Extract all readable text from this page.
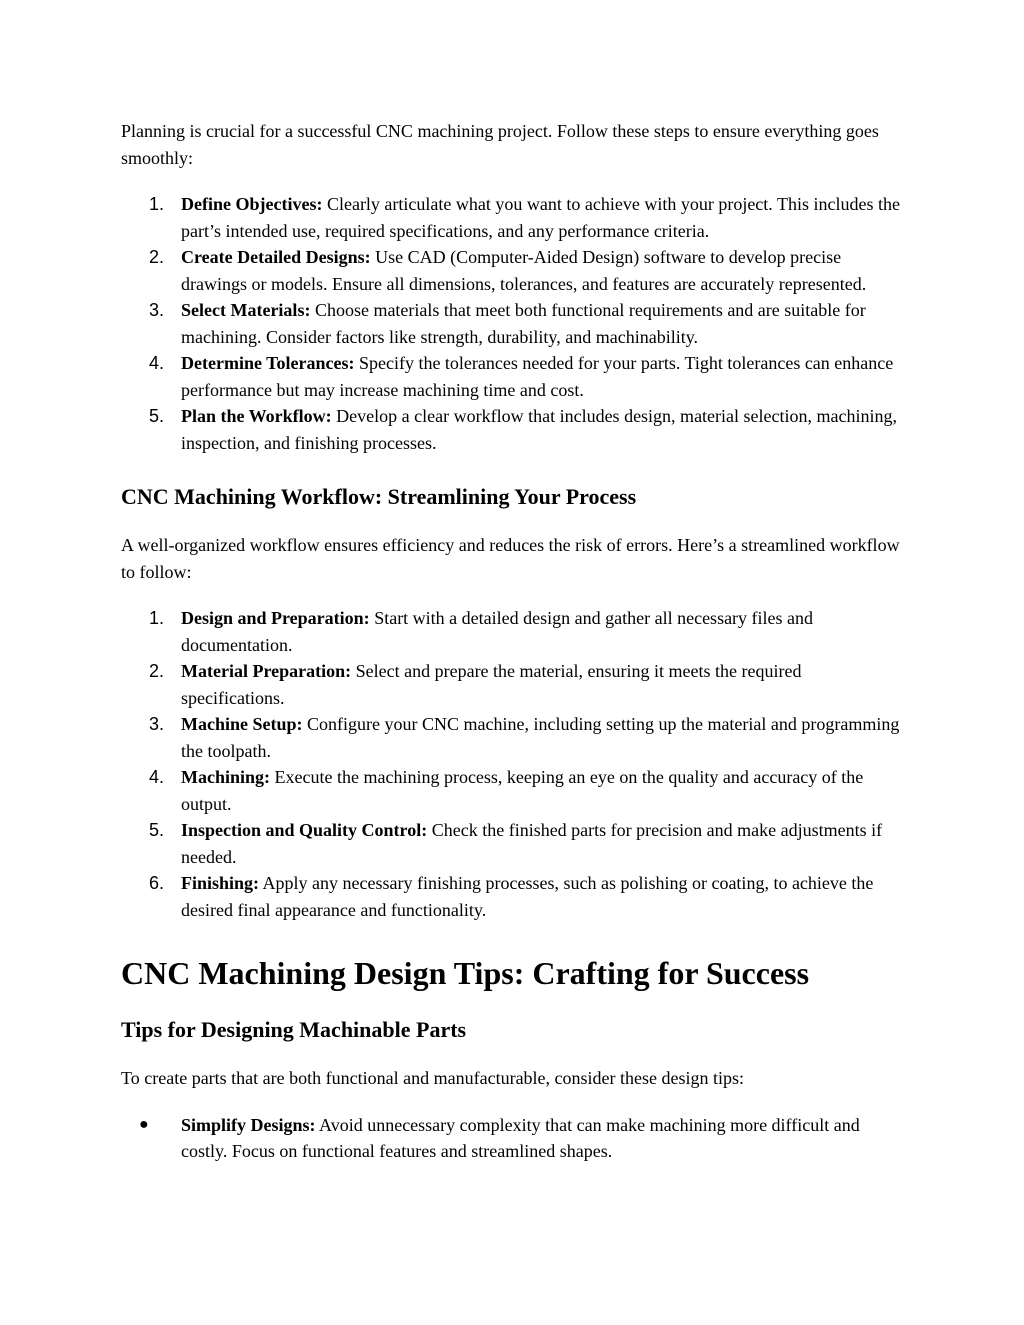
Planning is crucial for a successful CNC machining project. Follow these steps to ensure everything goes smoothly:

1. Define Objectives: Clearly articulate what you want to achieve with your project. This includes the part’s intended use, required specifications, and any performance criteria.
2. Create Detailed Designs: Use CAD (Computer-Aided Design) software to develop precise drawings or models. Ensure all dimensions, tolerances, and features are accurately represented.
3. Select Materials: Choose materials that meet both functional requirements and are suitable for machining. Consider factors like strength, durability, and machinability.
4. Determine Tolerances: Specify the tolerances needed for your parts. Tight tolerances can enhance performance but may increase machining time and cost.
5. Plan the Workflow: Develop a clear workflow that includes design, material selection, machining, inspection, and finishing processes.
CNC Machining Workflow: Streamlining Your Process

A well-organized workflow ensures efficiency and reduces the risk of errors. Here’s a streamlined workflow to follow:

1. Design and Preparation: Start with a detailed design and gather all necessary files and documentation.
2. Material Preparation: Select and prepare the material, ensuring it meets the required specifications.
3. Machine Setup: Configure your CNC machine, including setting up the material and programming the toolpath.
4. Machining: Execute the machining process, keeping an eye on the quality and accuracy of the output.
5. Inspection and Quality Control: Check the finished parts for precision and make adjustments if needed.
6. Finishing: Apply any necessary finishing processes, such as polishing or coating, to achieve the desired final appearance and functionality.
CNC Machining Design Tips: Crafting for Success
Tips for Designing Machinable Parts

To create parts that are both functional and manufacturable, consider these design tips:

● Simplify Designs: Avoid unnecessary complexity that can make machining more difficult and costly. Focus on functional features and streamlined shapes.
